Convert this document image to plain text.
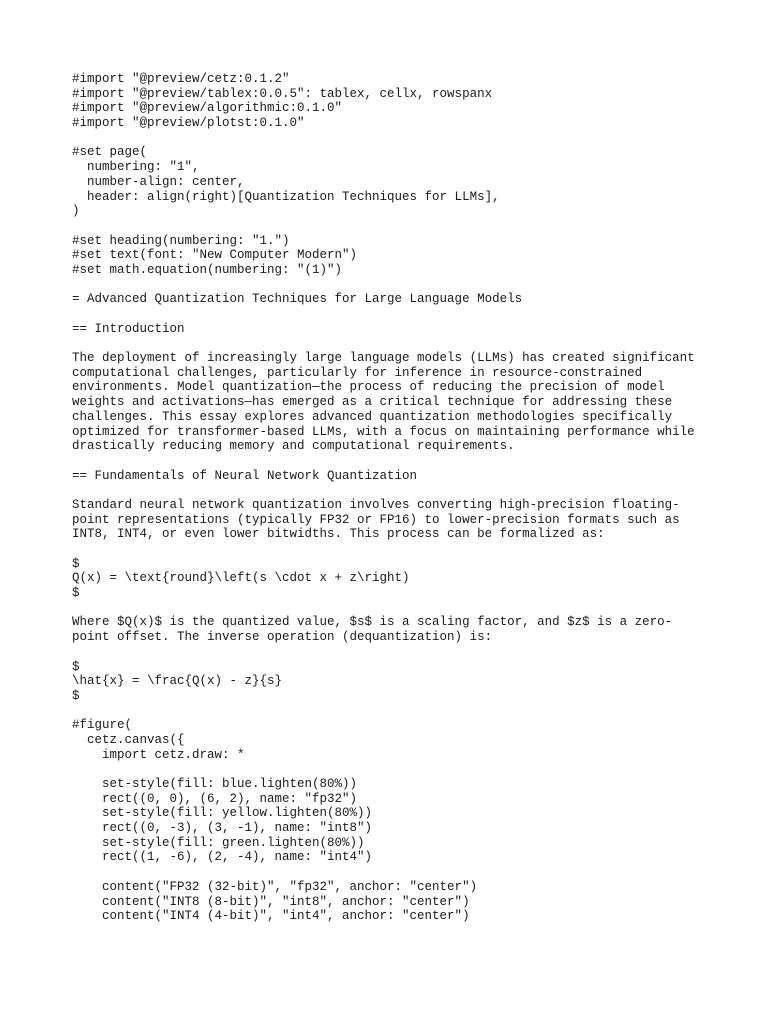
#import "@preview/cetz:0.1.2"
#import "@preview/tablex:0.0.5": tablex, cellx, rowspanx
#import "@preview/algorithmic:0.1.0"
#import "@preview/plotst:0.1.0"
#set page(
numbering: "1",
number-align: center,
header: align(right)[Quantization Techniques for LLMs],
)
#set heading(numbering: "1.")
#set text(font: "New Computer Modern")
#set math.equation(numbering: "(1)")
= Advanced Quantization Techniques for Large Language Models
== Introduction
The deployment of increasingly large language models (LLMs) has created significant
computational challenges, particularly for inference in resource-constrained
environments. Model quantization—the process of reducing the precision of model
weights and activations—has emerged as a critical technique for addressing these
challenges. This essay explores advanced quantization methodologies specifically
optimized for transformer-based LLMs, with a focus on maintaining performance while
drastically reducing memory and computational requirements.
== Fundamentals of Neural Network Quantization
Standard neural network quantization involves converting high-precision floating-
point representations (typically FP32 or FP16) to lower-precision formats such as
INT8, INT4, or even lower bitwidths. This process can be formalized as:
$
Q(x) = \text{round}\left(s \cdot x + z\right)
$
Where $Q(x)$ is the quantized value, $s$ is a scaling factor, and $z$ is a zero-
point offset. The inverse operation (dequantization) is:
$
\hat{x} = \frac{Q(x) - z}{s}
$
#figure(
cetz.canvas({
import cetz.draw: *
set-style(fill: blue.lighten(80%))
rect((0, 0), (6, 2), name: "fp32")
set-style(fill: yellow.lighten(80%))
rect((0, -3), (3, -1), name: "int8")
set-style(fill: green.lighten(80%))
rect((1, -6), (2, -4), name: "int4")
content("FP32 (32-bit)", "fp32", anchor: "center")
content("INT8 (8-bit)", "int8", anchor: "center")
content("INT4 (4-bit)", "int4", anchor: "center")
